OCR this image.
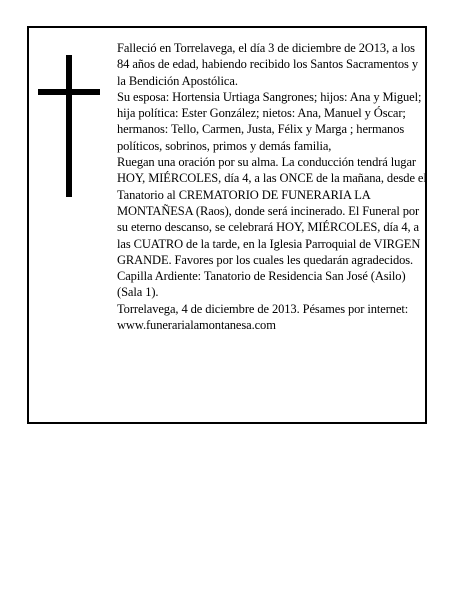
Falleció en Torrelavega, el día 3 de diciembre de 2O13, a los 84 años de edad, habiendo recibido los Santos Sacramentos y la Bendición Apostólica.

Su esposa: Hortensia Urtiaga Sangrones; hijos: Ana y Miguel; hija política: Ester González; nietos: Ana, Manuel y Óscar; hermanos: Tello, Carmen, Justa, Félix y Marga ; hermanos políticos, sobrinos, primos y demás familia,

Ruegan una oración por su alma. La conducción tendrá lugar HOY, MIÉRCOLES, día 4, a las ONCE de la mañana, desde el Tanatorio al CREMATORIO DE FUNERARIA LA MONTAÑESA (Raos), donde será incinerado. El Funeral por su eterno descanso, se celebrará HOY, MIÉRCOLES, día 4, a las CUATRO de la tarde, en la Iglesia Parroquial de VIRGEN GRANDE. Favores por los cuales les quedarán agradecidos. Capilla Ardiente: Tanatorio de Residencia San José (Asilo) (Sala 1).

Torrelavega, 4 de diciembre de 2013. Pésames por internet: www.funerarialamontanesa.com
